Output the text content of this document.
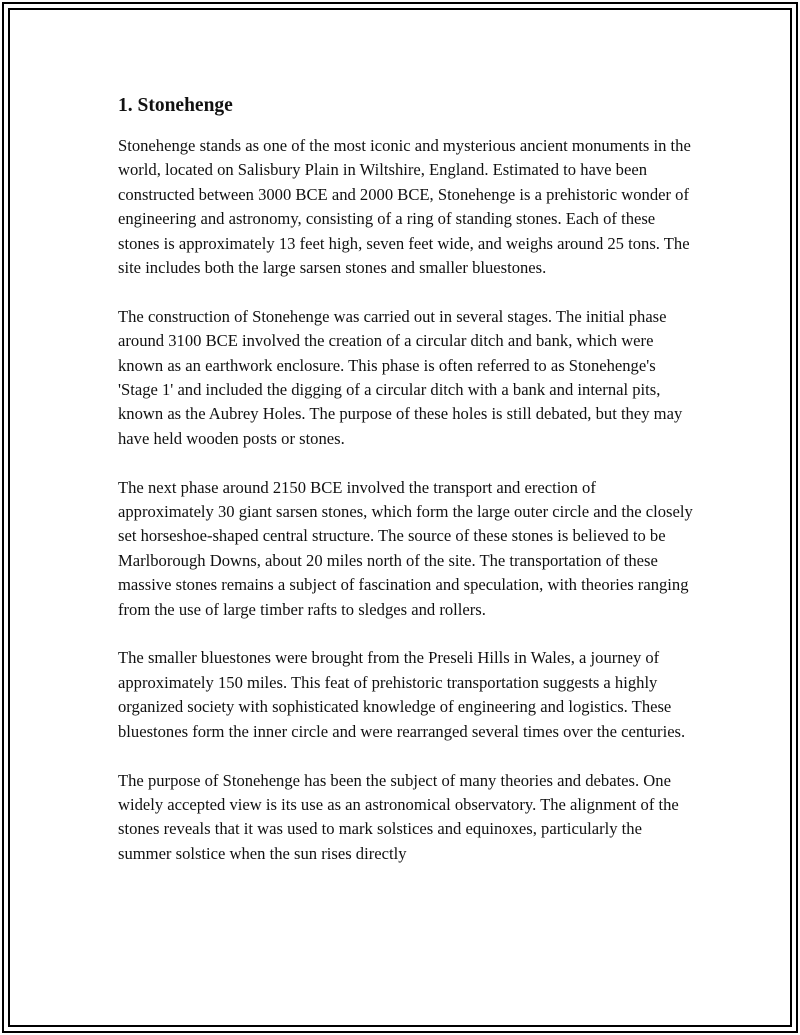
1. Stonehenge

Stonehenge stands as one of the most iconic and mysterious ancient monuments in the world, located on Salisbury Plain in Wiltshire, England. Estimated to have been constructed between 3000 BCE and 2000 BCE, Stonehenge is a prehistoric wonder of engineering and astronomy, consisting of a ring of standing stones. Each of these stones is approximately 13 feet high, seven feet wide, and weighs around 25 tons. The site includes both the large sarsen stones and smaller bluestones.

The construction of Stonehenge was carried out in several stages. The initial phase around 3100 BCE involved the creation of a circular ditch and bank, which were known as an earthwork enclosure. This phase is often referred to as Stonehenge's 'Stage 1' and included the digging of a circular ditch with a bank and internal pits, known as the Aubrey Holes. The purpose of these holes is still debated, but they may have held wooden posts or stones.

The next phase around 2150 BCE involved the transport and erection of approximately 30 giant sarsen stones, which form the large outer circle and the closely set horseshoe-shaped central structure. The source of these stones is believed to be Marlborough Downs, about 20 miles north of the site. The transportation of these massive stones remains a subject of fascination and speculation, with theories ranging from the use of large timber rafts to sledges and rollers.

The smaller bluestones were brought from the Preseli Hills in Wales, a journey of approximately 150 miles. This feat of prehistoric transportation suggests a highly organized society with sophisticated knowledge of engineering and logistics. These bluestones form the inner circle and were rearranged several times over the centuries.

The purpose of Stonehenge has been the subject of many theories and debates. One widely accepted view is its use as an astronomical observatory. The alignment of the stones reveals that it was used to mark solstices and equinoxes, particularly the summer solstice when the sun rises directly
